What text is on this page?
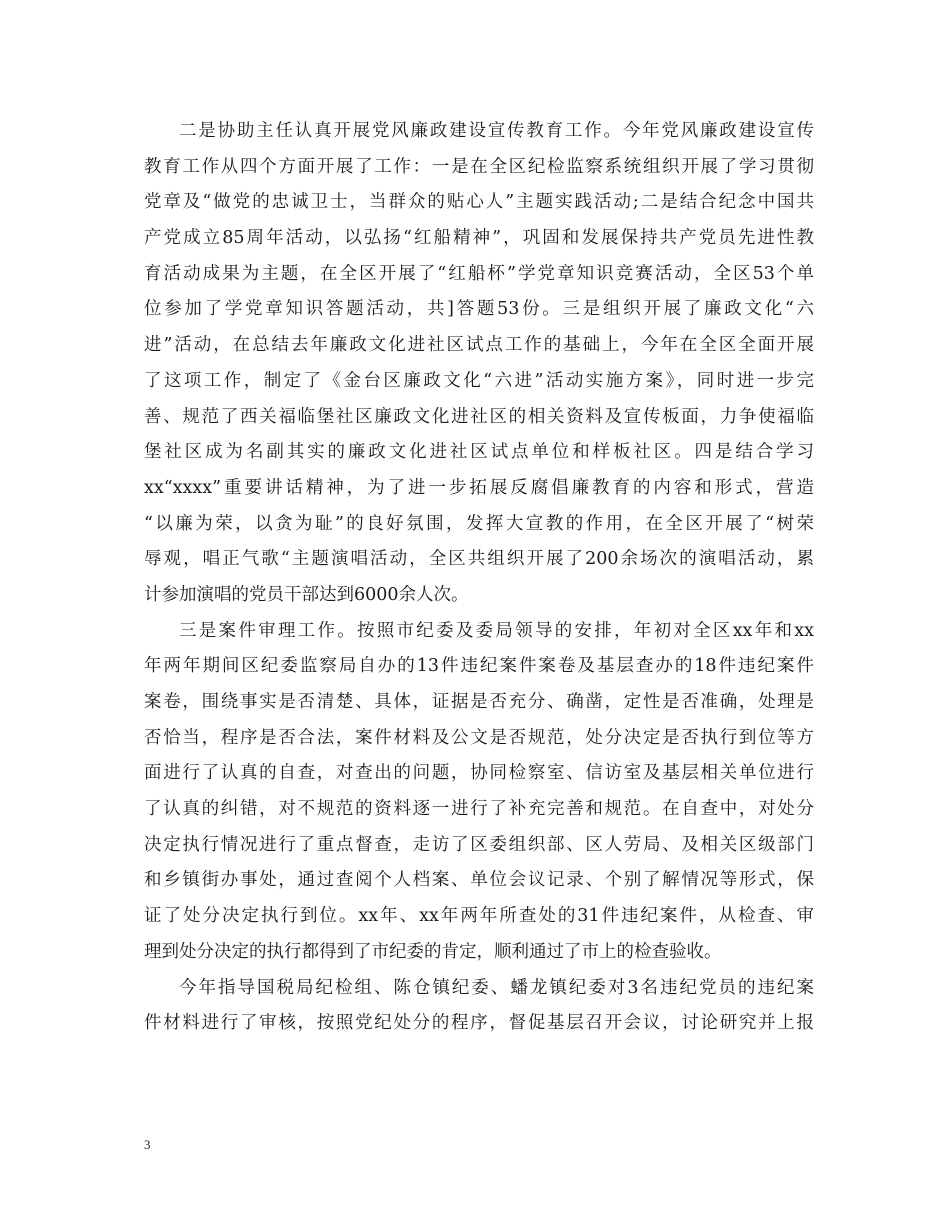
二是协助主任认真开展党风廉政建设宣传教育工作。今年党风廉政建设宣传
教育工作从四个方面开展了工作：一是在全区纪检监察系统组织开展了学习贯彻
党章及“做党的忠诚卫士，当群众的贴心人”主题实践活动;二是结合纪念中国共
产党成立85周年活动，以弘扬“红船精神”，巩固和发展保持共产党员先进性教
育活动成果为主题，在全区开展了“红船杯”学党章知识竞赛活动，全区53个单
位参加了学党章知识答题活动，共]答题53份。三是组织开展了廉政文化“六
进”活动，在总结去年廉政文化进社区试点工作的基础上，今年在全区全面开展
了这项工作，制定了《金台区廉政文化“六进”活动实施方案》，同时进一步完
善、规范了西关福临堡社区廉政文化进社区的相关资料及宣传板面，力争使福临
堡社区成为名副其实的廉政文化进社区试点单位和样板社区。四是结合学习
xx“xxxx”重要讲话精神，为了进一步拓展反腐倡廉教育的内容和形式，营造
“以廉为荣，以贪为耻”的良好氛围，发挥大宣教的作用，在全区开展了“树荣
辱观，唱正气歌“主题演唱活动，全区共组织开展了200余场次的演唱活动，累
计参加演唱的党员干部达到6000余人次。
三是案件审理工作。按照市纪委及委局领导的安排，年初对全区xx年和xx
年两年期间区纪委监察局自办的13件违纪案件案卷及基层查办的18件违纪案件
案卷，围绕事实是否清楚、具体，证据是否充分、确凿，定性是否准确，处理是
否恰当，程序是否合法，案件材料及公文是否规范，处分决定是否执行到位等方
面进行了认真的自查，对查出的问题，协同检察室、信访室及基层相关单位进行
了认真的纠错，对不规范的资料逐一进行了补充完善和规范。在自查中，对处分
决定执行情况进行了重点督查，走访了区委组织部、区人劳局、及相关区级部门
和乡镇街办事处，通过查阅个人档案、单位会议记录、个别了解情况等形式，保
证了处分决定执行到位。xx年、xx年两年所查处的31件违纪案件，从检查、审
理到处分决定的执行都得到了市纪委的肯定，顺利通过了市上的检查验收。
今年指导国税局纪检组、陈仓镇纪委、蟠龙镇纪委对3名违纪党员的违纪案
件材料进行了审核，按照党纪处分的程序，督促基层召开会议，讨论研究并上报
3
